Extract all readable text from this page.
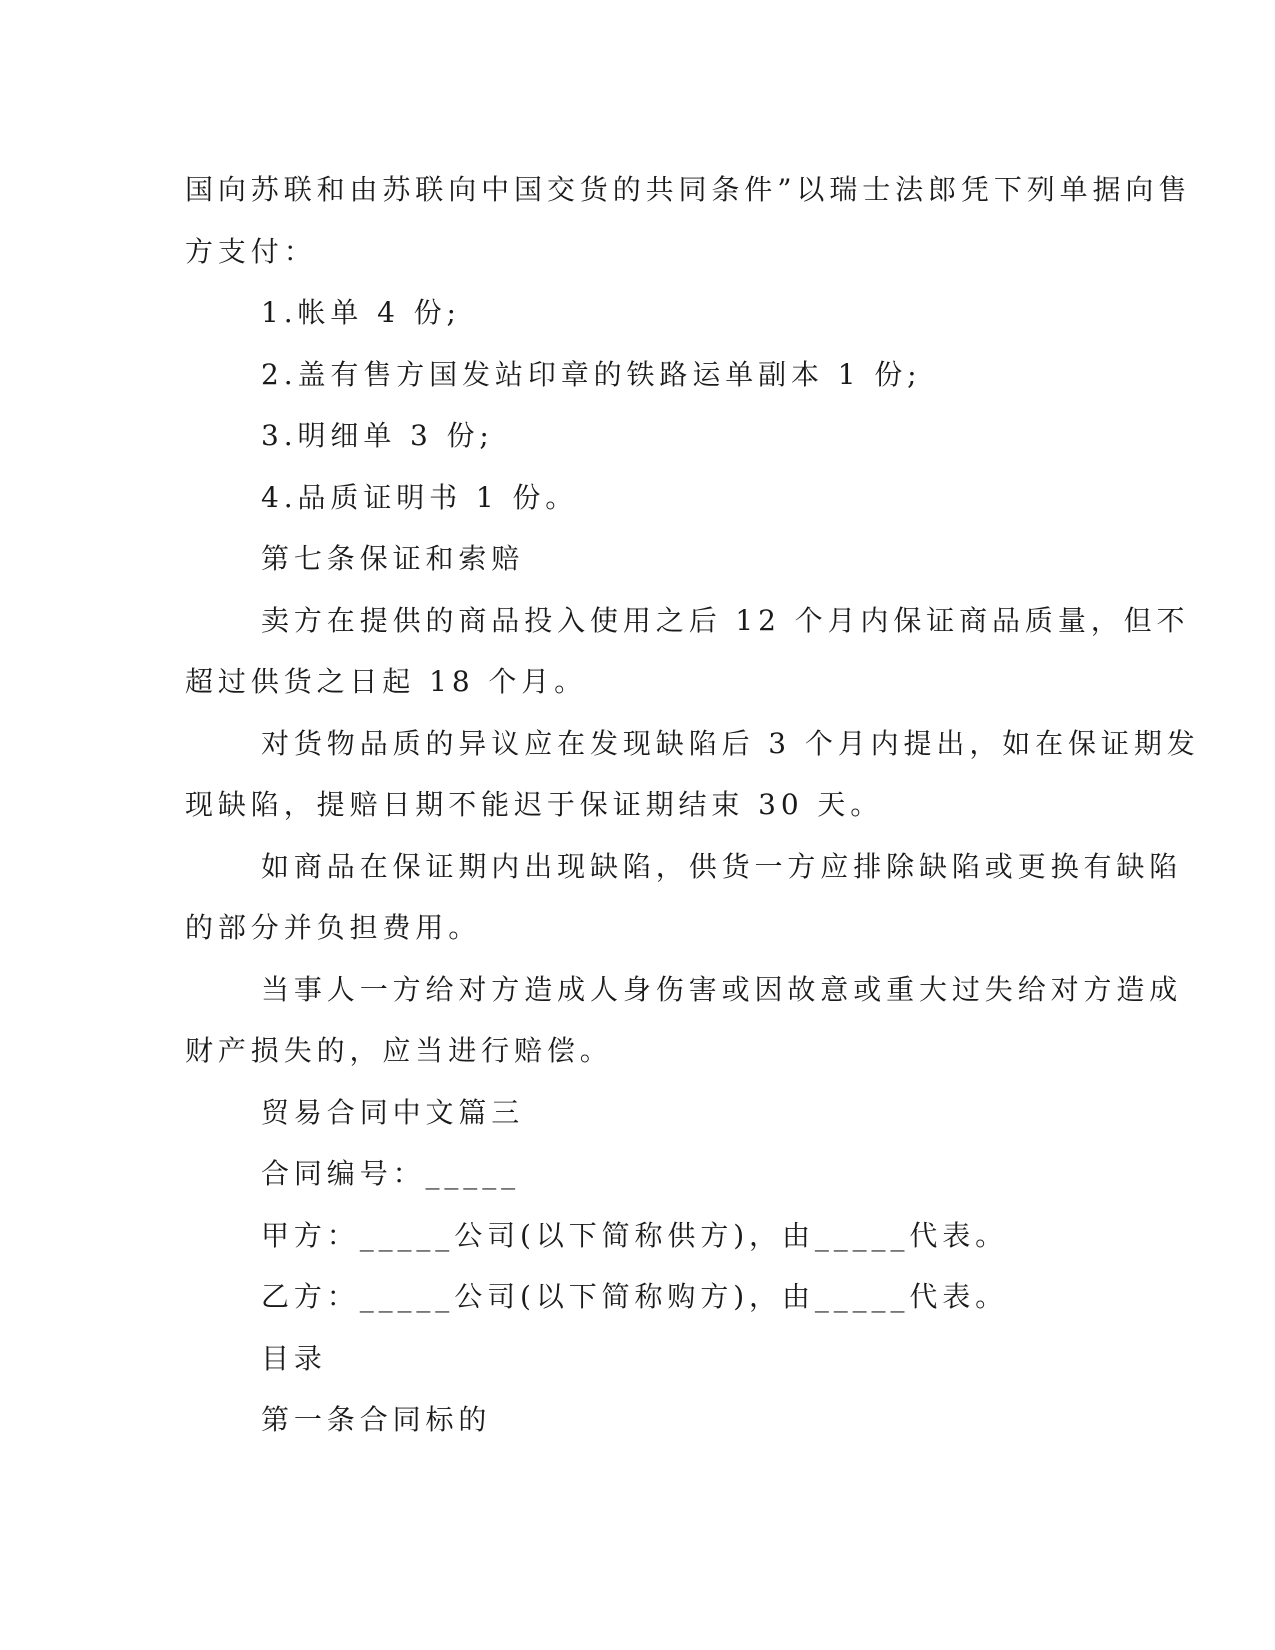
国向苏联和由苏联向中国交货的共同条件”以瑞士法郎凭下列单据向售

方支付：

1.帐单 4 份;

2.盖有售方国发站印章的铁路运单副本 1 份;

3.明细单 3 份;

4.品质证明书 1 份。

第七条保证和索赔

卖方在提供的商品投入使用之后 12 个月内保证商品质量，但不

超过供货之日起 18 个月。

对货物品质的异议应在发现缺陷后 3 个月内提出，如在保证期发

现缺陷，提赔日期不能迟于保证期结束 30 天。

如商品在保证期内出现缺陷，供货一方应排除缺陷或更换有缺陷

的部分并负担费用。

当事人一方给对方造成人身伤害或因故意或重大过失给对方造成

财产损失的，应当进行赔偿。

贸易合同中文篇三

合同编号：_____

甲方：_____公司(以下简称供方)，由_____代表。

乙方：_____公司(以下简称购方)，由_____代表。

目录

第一条合同标的
